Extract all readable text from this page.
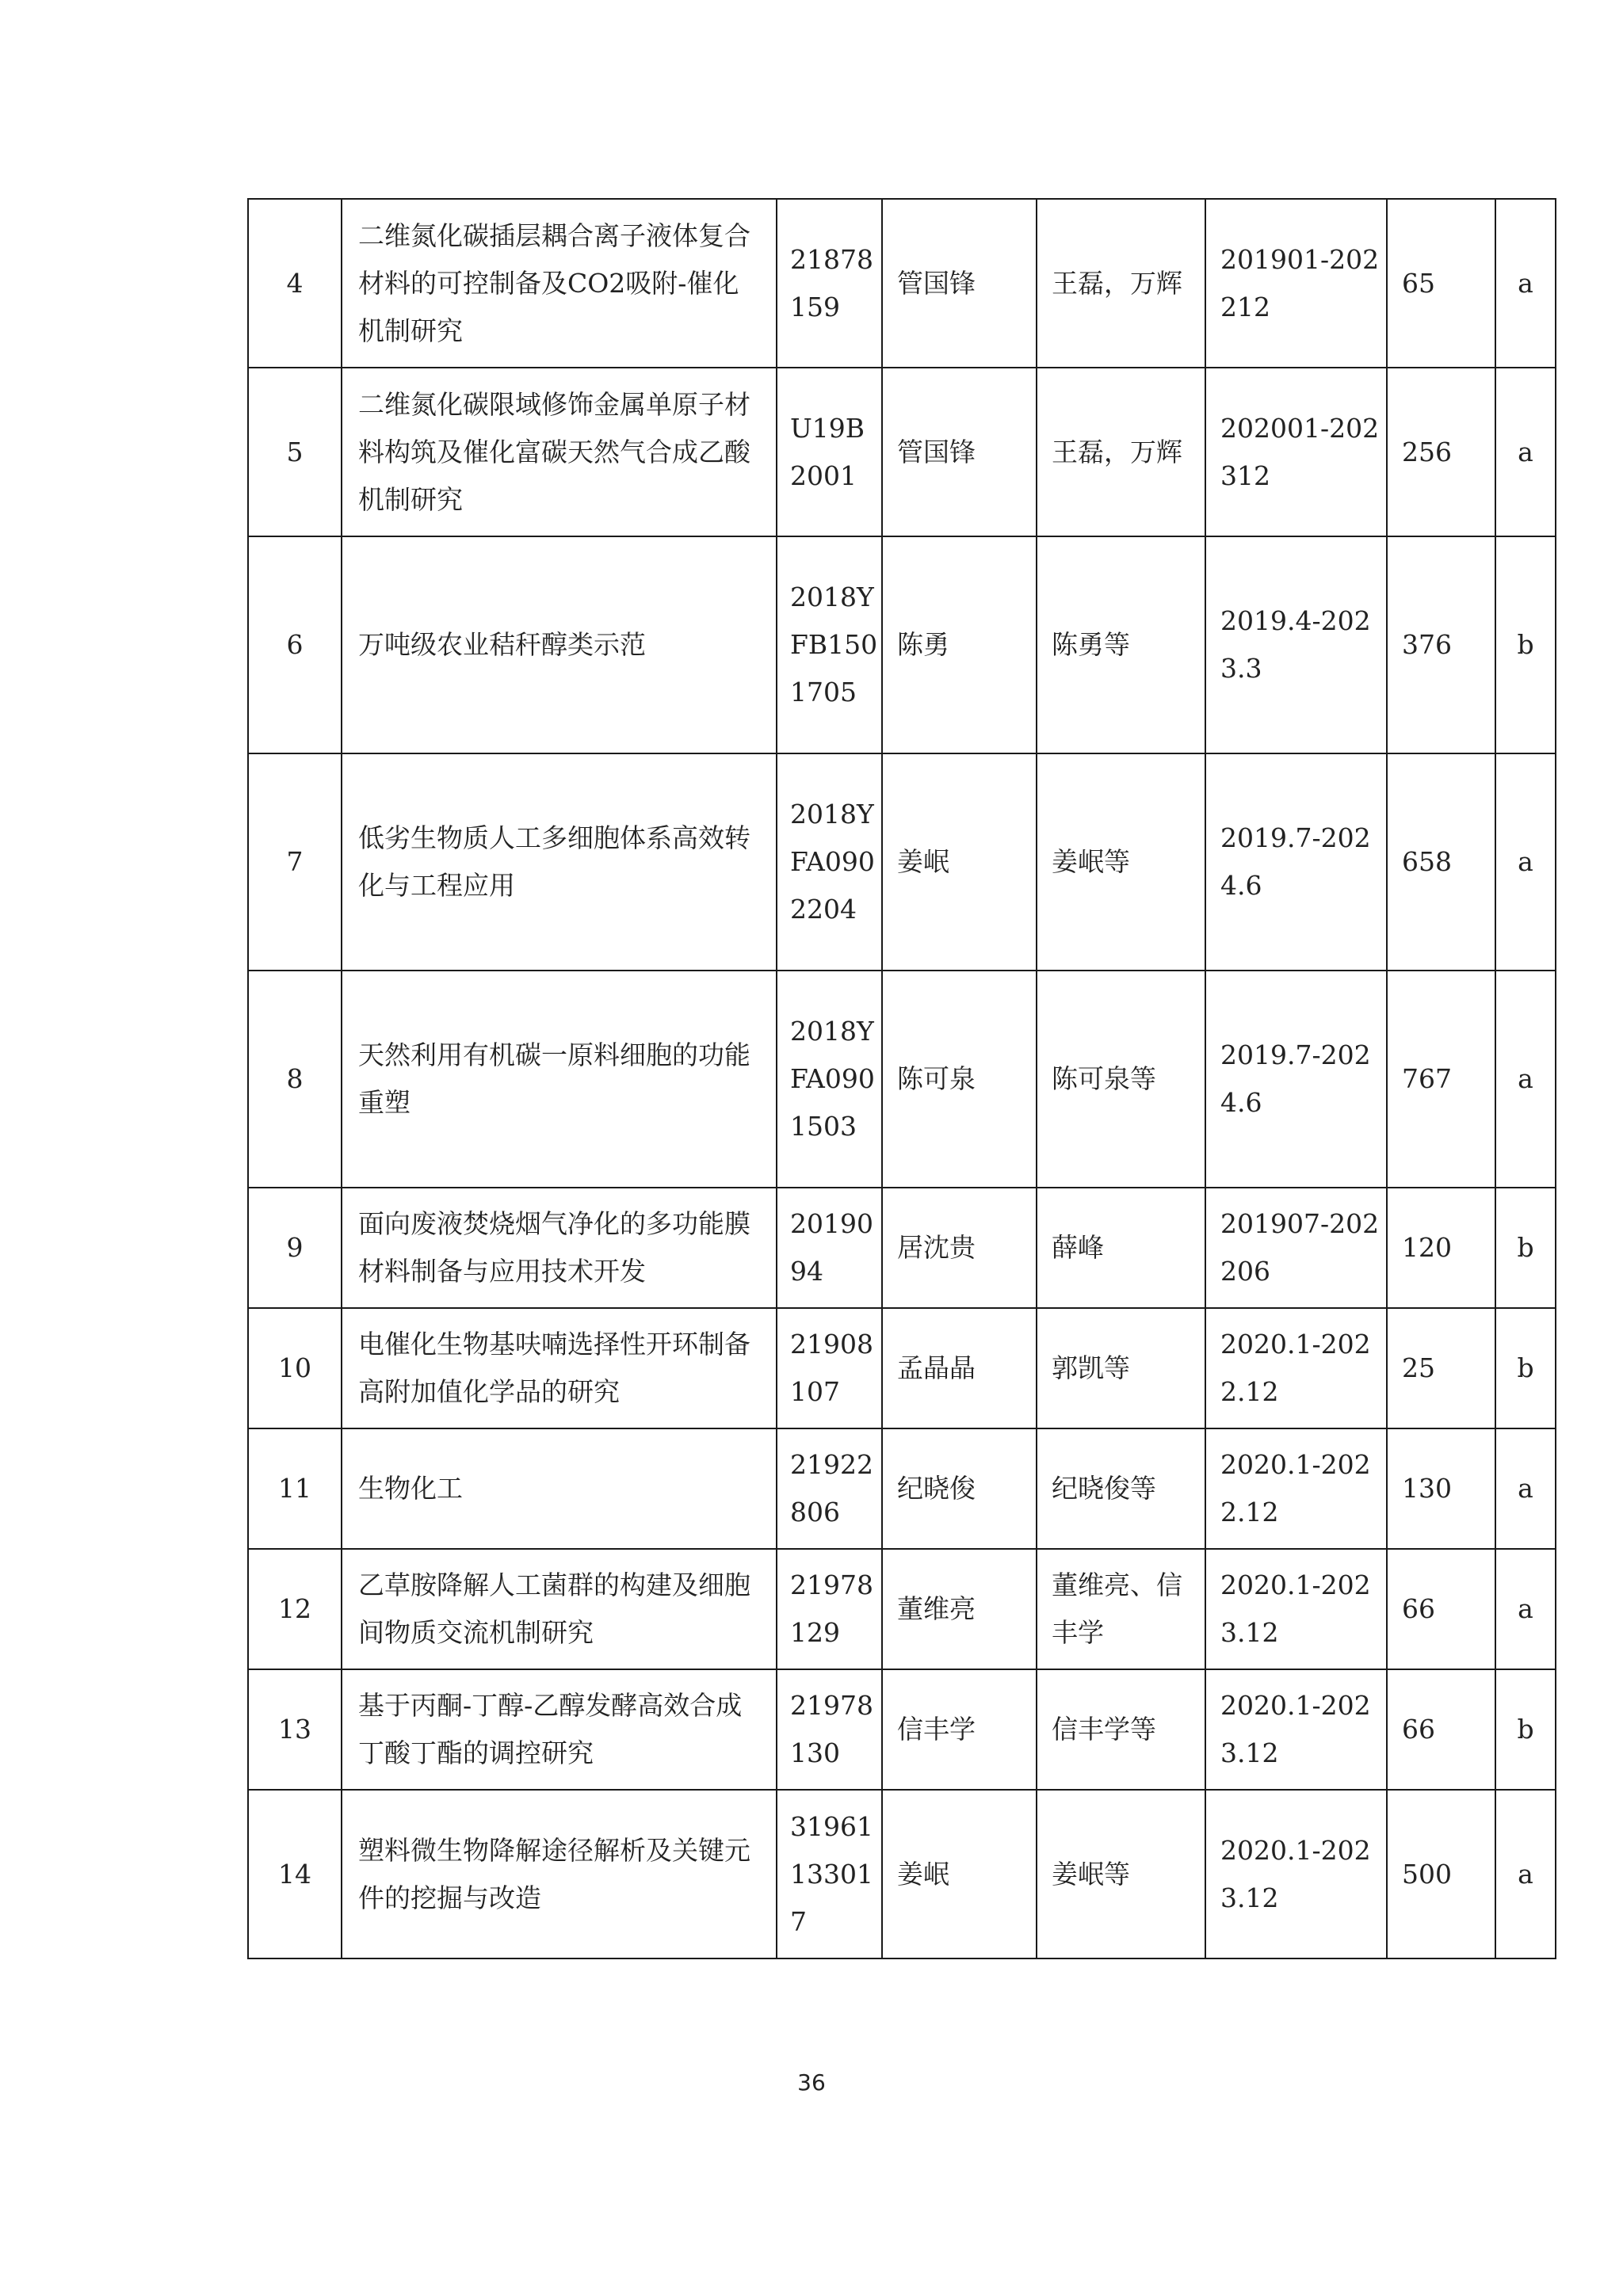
4	二维氮化碳插层耦合离子液体复合材料的可控制备及CO2吸附-催化机制研究	21878159	管国锋	王磊，万辉	201901-202212	65	a

5	二维氮化碳限域修饰金属单原子材料构筑及催化富碳天然气合成乙酸机制研究	U19B2001	管国锋	王磊，万辉	202001-202312	256	a

6	万吨级农业秸秆醇类示范	2018YFB1501705	陈勇	陈勇等	2019.4-2023.3	376	b

7	低劣生物质人工多细胞体系高效转化与工程应用	2018YFA0902204	姜岷	姜岷等	2019.7-2024.6	658	a

8	天然利用有机碳一原料细胞的功能重塑	2018YFA0901503	陈可泉	陈可泉等	2019.7-2024.6	767	a

9	面向废液焚烧烟气净化的多功能膜材料制备与应用技术开发	2019094	居沈贵	薛峰	201907-202206	120	b

10	电催化生物基呋喃选择性开环制备高附加值化学品的研究	21908107	孟晶晶	郭凯等	2020.1-2022.12	25	b

11	生物化工	21922806	纪晓俊	纪晓俊等	2020.1-2022.12	130	a

12	乙草胺降解人工菌群的构建及细胞间物质交流机制研究	21978129	董维亮	董维亮、信丰学	2020.1-2023.12	66	a

13	基于丙酮-丁醇-乙醇发酵高效合成丁酸丁酯的调控研究	21978130	信丰学	信丰学等	2020.1-2023.12	66	b

14	塑料微生物降解途径解析及关键元件的挖掘与改造	31961133017	姜岷	姜岷等	2020.1-2023.12	500	a
36
